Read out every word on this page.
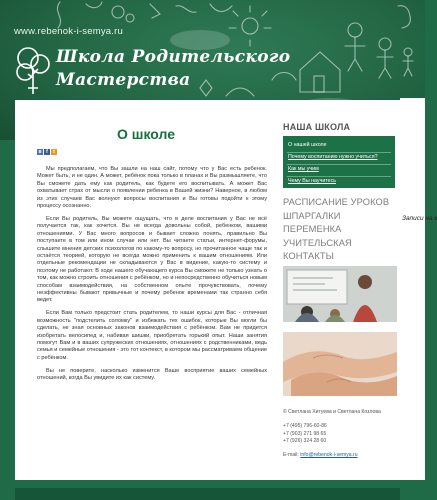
www.rebenok-i-semya.ru
Школа Родительского
Мастерства
Записи на к
О школе
в f	t

Мы предполагаем, что Вы зашли на наш сайт, потому что у Вас есть ребенок. Может быть, и не один. А может, ребёнок пока только в планах и Вы размышляете, что Вы сможете дать ему как родитель, как будете его воспитывать. А может Вас охватывает страх от мысли о появлении ребенка в Вашей жизни? Наверное, в любом из этих случаев Вас волнуют вопросы воспитания и Вы готовы подойти к этому процессу осознанно.

Если Вы родитель, Вы можете ощущать, что в деле воспитания у Вас не всё получается так, как хочется. Вы не всегда довольны собой, ребенком, вашими отношениями. У Вас много вопросов и бывает сложно понять, правильно Вы поступаете в том или ином случае или нет. Вы читаете статьи, интернет-форумы, слышите мнения детских психологов по какому-то вопросу, но прочитанное чаще так и остаётся теорией, которую не всегда можно применить к вашим отношениям. Или отдельные рекомендации не складываются у Вас в видение, какую-то систему и поэтому не работают. В ходе нашего обучающего курса Вы сможете не только узнать о том, как можно строить отношения с ребёнком, но и непосредственно обучиться новым способам взаимодействия, на собственном опыте прочувствовать, почему неэффективны бывают привычные и почему ребенок временами так странно себя ведет.

Если Вам только предстоит стать родителем, то наши курсы для Вас - отличная возможность "подстелить соломку" и избежать тех ошибок, которые Вы могли бы сделать, не зная основных законов взаимодействия с ребёнком. Вам не придется изобретать велосипед и, набивая шишки, приобретать горький опыт. Наши занятия помогут Вам и в ваших супружеских отношениях, отношениях с родственниками, ведь семья и семейные отношения - это тот контекст, в котором мы рассматриваем общение с ребёнком.

Вы не поверите, насколько изменится Ваше восприятие ваших семейных отношений, когда Вы увидите их как систему.

НАША ШКОЛА
О нашей школе
Почему воспитанию нужно учиться?
Как мы учим
Чему Вы научитесь
РАСПИСАНИЕ УРОКОВ
ШПАРГАЛКИ
ПЕРЕМЕНКА
УЧИТЕЛЬСКАЯ
КОНТАКТЫ
© Светлана Хитуева и Светлана Козлова
+7 (495) 796-60-86
+7 (903) 271 98 65
+7 (926) 324 28 60
E-mail: info@rebenok-i-semya.ru
